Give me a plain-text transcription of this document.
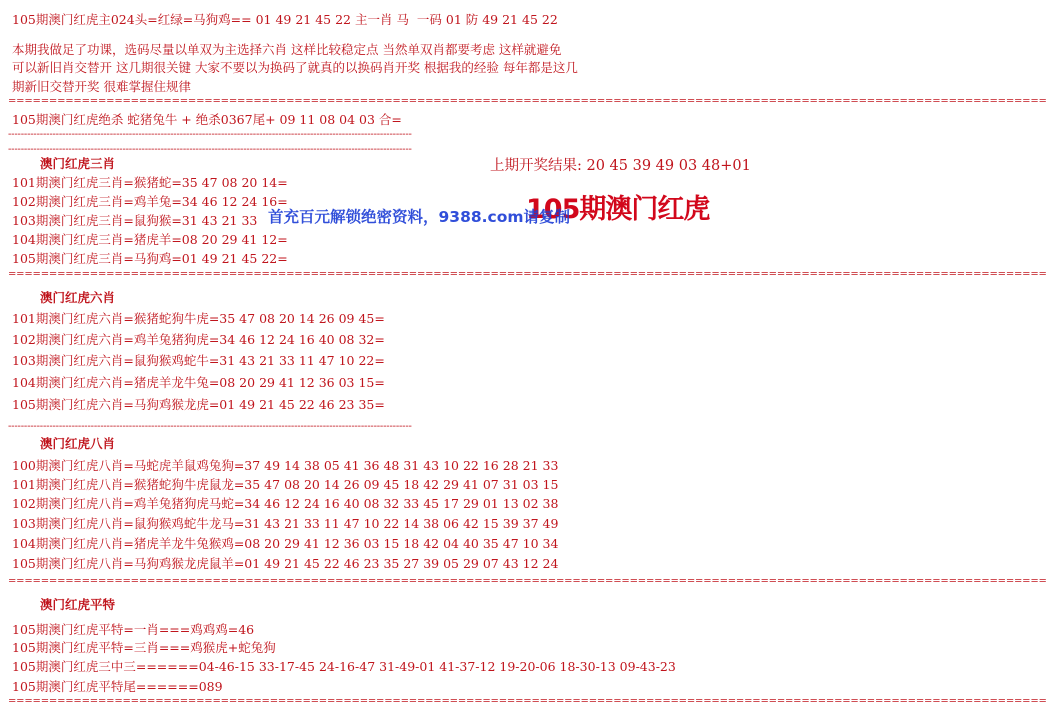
105期澳门红虎主024头=红绿=马狗鸡== 01 49 21 45 22 主一肖 马  一码 01 防 49 21 45 22
本期我做足了功课，选码尽量以单双为主选择六肖 这样比较稳定点 当然单双肖都要考虑 这样就避免
可以新旧肖交替开 这几期很关键 大家不要以为换码了就真的以换码肖开奖 根据我的经验 每年都是这几
期新旧交替开奖 很难掌握住规律
===============================================================================================================================
105期澳门红虎绝杀 蛇猪兔牛 + 绝杀0367尾+ 09 11 08 04 03 合=
-------------------------------------------------------------------------------------------------------------------------------
-------------------------------------------------------------------------------------------------------------------------------
澳门红虎三肖
101期澳门红虎三肖=猴猪蛇=35 47 08 20 14=
102期澳门红虎三肖=鸡羊兔=34 46 12 24 16=
103期澳门红虎三肖=鼠狗猴=31 43 21 33
104期澳门红虎三肖=猪虎羊=08 20 29 41 12=
105期澳门红虎三肖=马狗鸡=01 49 21 45 22=
===============================================================================================================================
上期开奖结果: 20 45 39 49 03 48+01
105期澳门红虎
首充百元解锁绝密资料，9388.com请复制
澳门红虎六肖
101期澳门红虎六肖=猴猪蛇狗牛虎=35 47 08 20 14 26 09 45=
102期澳门红虎六肖=鸡羊兔猪狗虎=34 46 12 24 16 40 08 32=
103期澳门红虎六肖=鼠狗猴鸡蛇牛=31 43 21 33 11 47 10 22=
104期澳门红虎六肖=猪虎羊龙牛兔=08 20 29 41 12 36 03 15=
105期澳门红虎六肖=马狗鸡猴龙虎=01 49 21 45 22 46 23 35=
-------------------------------------------------------------------------------------------------------------------------------
澳门红虎八肖
100期澳门红虎八肖=马蛇虎羊鼠鸡兔狗=37 49 14 38 05 41 36 48 31 43 10 22 16 28 21 33
101期澳门红虎八肖=猴猪蛇狗牛虎鼠龙=35 47 08 20 14 26 09 45 18 42 29 41 07 31 03 15
102期澳门红虎八肖=鸡羊兔猪狗虎马蛇=34 46 12 24 16 40 08 32 33 45 17 29 01 13 02 38
103期澳门红虎八肖=鼠狗猴鸡蛇牛龙马=31 43 21 33 11 47 10 22 14 38 06 42 15 39 37 49
104期澳门红虎八肖=猪虎羊龙牛兔猴鸡=08 20 29 41 12 36 03 15 18 42 04 40 35 47 10 34
105期澳门红虎八肖=马狗鸡猴龙虎鼠羊=01 49 21 45 22 46 23 35 27 39 05 29 07 43 12 24
===============================================================================================================================
澳门红虎平特
105期澳门红虎平特=一肖===鸡鸡鸡=46
105期澳门红虎平特=三肖===鸡猴虎+蛇兔狗
105期澳门红虎三中三======04-46-15 33-17-45 24-16-47 31-49-01 41-37-12 19-20-06 18-30-13 09-43-23
105期澳门红虎平特尾======089
===============================================================================================================================
